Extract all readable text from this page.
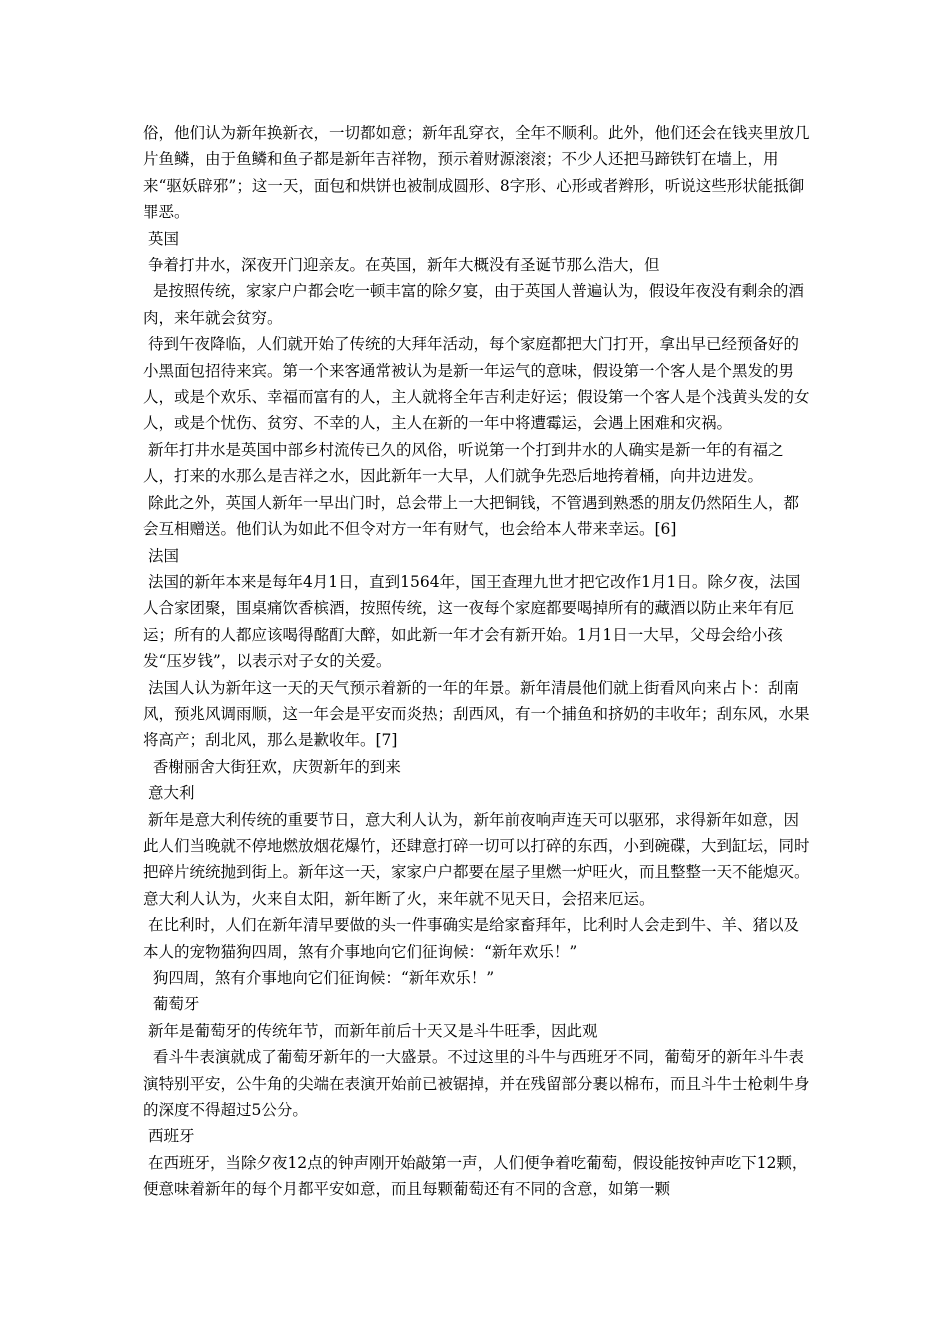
俗，他们认为新年换新衣，一切都如意；新年乱穿衣，全年不顺利。此外，他们还会在钱夹里放几片鱼鳞，由于鱼鳞和鱼子都是新年吉祥物，预示着财源滚滚；不少人还把马蹄铁钉在墙上，用来“驱妖辟邪”；这一天，面包和烘饼也被制成圆形、8字形、心形或者辫形，听说这些形状能抵御罪恶。

英国

争着打井水，深夜开门迎亲友。在英国，新年大概没有圣诞节那么浩大，但

是按照传统，家家户户都会吃一顿丰富的除夕宴，由于英国人普遍认为，假设年夜没有剩余的酒肉，来年就会贫穷。

待到午夜降临，人们就开始了传统的大拜年活动，每个家庭都把大门打开，拿出早已经预备好的小黑面包招待来宾。第一个来客通常被认为是新一年运气的意味，假设第一个客人是个黑发的男人，或是个欢乐、幸福而富有的人，主人就将全年吉利走好运；假设第一个客人是个浅黄头发的女人，或是个忧伤、贫穷、不幸的人，主人在新的一年中将遭霉运，会遇上困难和灾祸。

新年打井水是英国中部乡村流传已久的风俗，听说第一个打到井水的人确实是新一年的有福之人，打来的水那么是吉祥之水，因此新年一大早，人们就争先恐后地挎着桶，向井边进发。

除此之外，英国人新年一早出门时，总会带上一大把铜钱，不管遇到熟悉的朋友仍然陌生人，都会互相赠送。他们认为如此不但令对方一年有财气，也会给本人带来幸运。[6]

法国

法国的新年本来是每年4月1日，直到1564年，国王查理九世才把它改作1月1日。除夕夜，法国人合家团聚，围桌痛饮香槟酒，按照传统，这一夜每个家庭都要喝掉所有的藏酒以防止来年有厄运；所有的人都应该喝得酩酊大醉，如此新一年才会有新开始。1月1日一大早，父母会给小孩发“压岁钱”，以表示对子女的关爱。

法国人认为新年这一天的天气预示着新的一年的年景。新年清晨他们就上街看风向来占卜：刮南风，预兆风调雨顺，这一年会是平安而炎热；刮西风，有一个捕鱼和挤奶的丰收年；刮东风，水果将高产；刮北风，那么是歉收年。[7]

香榭丽舍大街狂欢，庆贺新年的到来

意大利

新年是意大利传统的重要节日，意大利人认为，新年前夜响声连天可以驱邪，求得新年如意，因此人们当晚就不停地燃放烟花爆竹，还肆意打碎一切可以打碎的东西，小到碗碟，大到缸坛，同时把碎片统统抛到街上。新年这一天，家家户户都要在屋子里燃一炉旺火，而且整整一天不能熄灭。意大利人认为，火来自太阳，新年断了火，来年就不见天日，会招来厄运。

在比利时，人们在新年清早要做的头一件事确实是给家畜拜年，比利时人会走到牛、羊、猪以及本人的宠物猫狗四周，煞有介事地向它们征询候：“新年欢乐！”

狗四周，煞有介事地向它们征询候：“新年欢乐！”

葡萄牙

新年是葡萄牙的传统年节，而新年前后十天又是斗牛旺季，因此观

看斗牛表演就成了葡萄牙新年的一大盛景。不过这里的斗牛与西班牙不同，葡萄牙的新年斗牛表演特别平安，公牛角的尖端在表演开始前已被锯掉，并在残留部分裹以棉布，而且斗牛士枪刺牛身的深度不得超过5公分。

西班牙

在西班牙，当除夕夜12点的钟声刚开始敲第一声，人们便争着吃葡萄，假设能按钟声吃下12颗，便意味着新年的每个月都平安如意，而且每颗葡萄还有不同的含意，如第一颗
